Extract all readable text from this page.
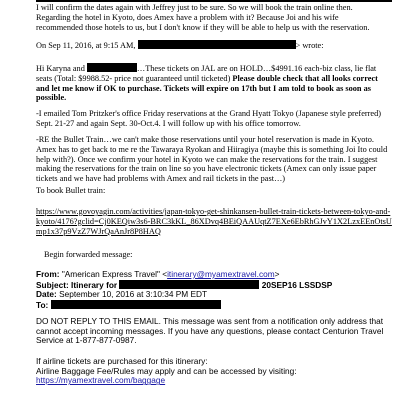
I will confirm the dates again with Jeffrey just to be sure. So we will book the train online then.

Regarding the hotel in Kyoto, does Amex have a problem with it? Because Joi and his wife

recommended those hotels to us, but I don't know if they will be able to help us with the reservation.

On Sep 11, 2016, at 9:15 AM,	> wrote:
Hi Karyna and	…These tickets on JAL are on HOLD…$4991.16 each-biz class, lie flat seats (Total: $9988.52- price not guaranteed until ticketed) Please double check that all looks correct and let me know if OK to purchase. Tickets will expire on 17th but I am told to book as soon as possible.

-I emailed Tom Pritzker's office Friday reservations at the Grand Hyatt Tokyo (Japanese style preferred) Sept. 21-27 and again Sept. 30-Oct.4. I will follow up with his office tomorrow.

-RE the Bullet Train…we can't make those reservations until your hotel reservation is made in Kyoto. Amex has to get back to me re the Tawaraya Ryokan and Hiiragiya (maybe this is something Joi Ito could help with?). Once we confirm your hotel in Kyoto we can make the reservations for the train. I suggest making the reservations for the train on line so you have electronic tickets (Amex can only issue paper tickets and we have had problems with Amex and rail tickets in the past…)

To book Bullet train:

https://www.govoyagin.com/activities/japan-tokyo-get-shinkansen-bullet-train-tickets-between-tokyo-and-kyoto/4176?gclid=Cj0KEQiw3s6-BRC3kKL_86XDvq4BEiQAAUqtZ7EXe6EbRhGJvY1X2LzxEEnOtsUmp1x37p9VzZ7WJrQaAnJr8P8HAQ

Begin forwarded message:

From: "American Express Travel" <itinerary@myamextravel.com>

Subject: Itinerary for	20SEP16 LSSDSP

Date: September 10, 2016 at 3:10:34 PM EDT

To:

DO NOT REPLY TO THIS EMAIL. This message was sent from a notification only address that cannot accept incoming messages. If you have any questions, please contact Centurion Travel Service at 1-877-877-0987.

If airline tickets are purchased for this itinerary:

Airline Baggage Fee/Rules may apply and can be accessed by visiting:

https://myamextravel.com/baggage
